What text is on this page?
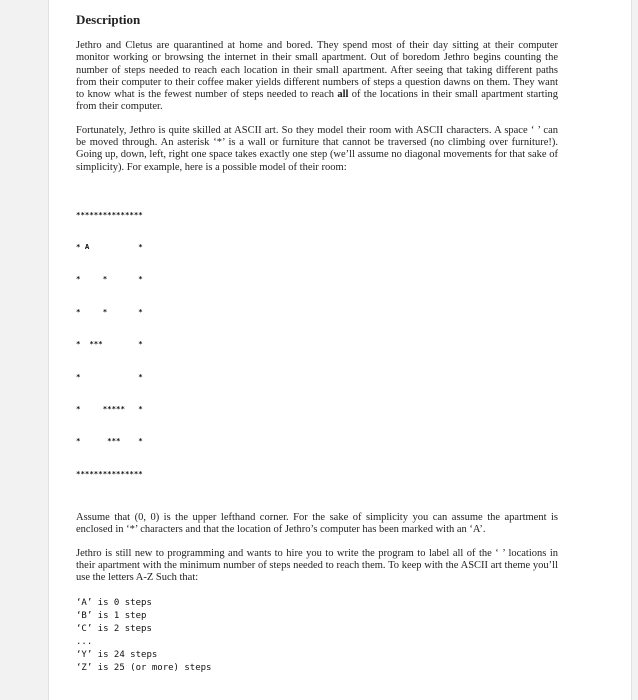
Description

Jethro and Cletus are quarantined at home and bored. They spend most of their day sitting at their computer monitor working or browsing the internet in their small apartment. Out of boredom Jethro begins counting the number of steps needed to reach each location in their small apartment. After seeing that taking different paths from their computer to their coffee maker yields different numbers of steps a question dawns on them. They want to know what is the fewest number of steps needed to reach all of the locations in their small apartment starting from their computer.

Fortunately, Jethro is quite skilled at ASCII art. So they model their room with ASCII characters. A space ‘ ’ can be moved through. An asterisk ‘*’ is a wall or furniture that cannot be traversed (no climbing over furniture!). Going up, down, left, right one space takes exactly one step (we’ll assume no diagonal movements for that sake of simplicity). For example, here is a possible model of their room:

***************

* A           *

*     *       *

*     *       *

*  ***        *

*             *

*     *****   *

*      ***    *

***************

Assume that (0, 0) is the upper lefthand corner. For the sake of simplicity you can assume the apartment is enclosed in ‘*’ characters and that the location of Jethro’s computer has been marked with an ‘A’.

Jethro is still new to programming and wants to hire you to write the program to label all of the ‘ ’ locations in their apartment with the minimum number of steps needed to reach them. To keep with the ASCII art theme you’ll use the letters A-Z Such that:

‘A’ is 0 steps
‘B’ is 1 step
‘C’ is 2 steps
...
‘Y’ is 24 steps
‘Z’ is 25 (or more) steps
